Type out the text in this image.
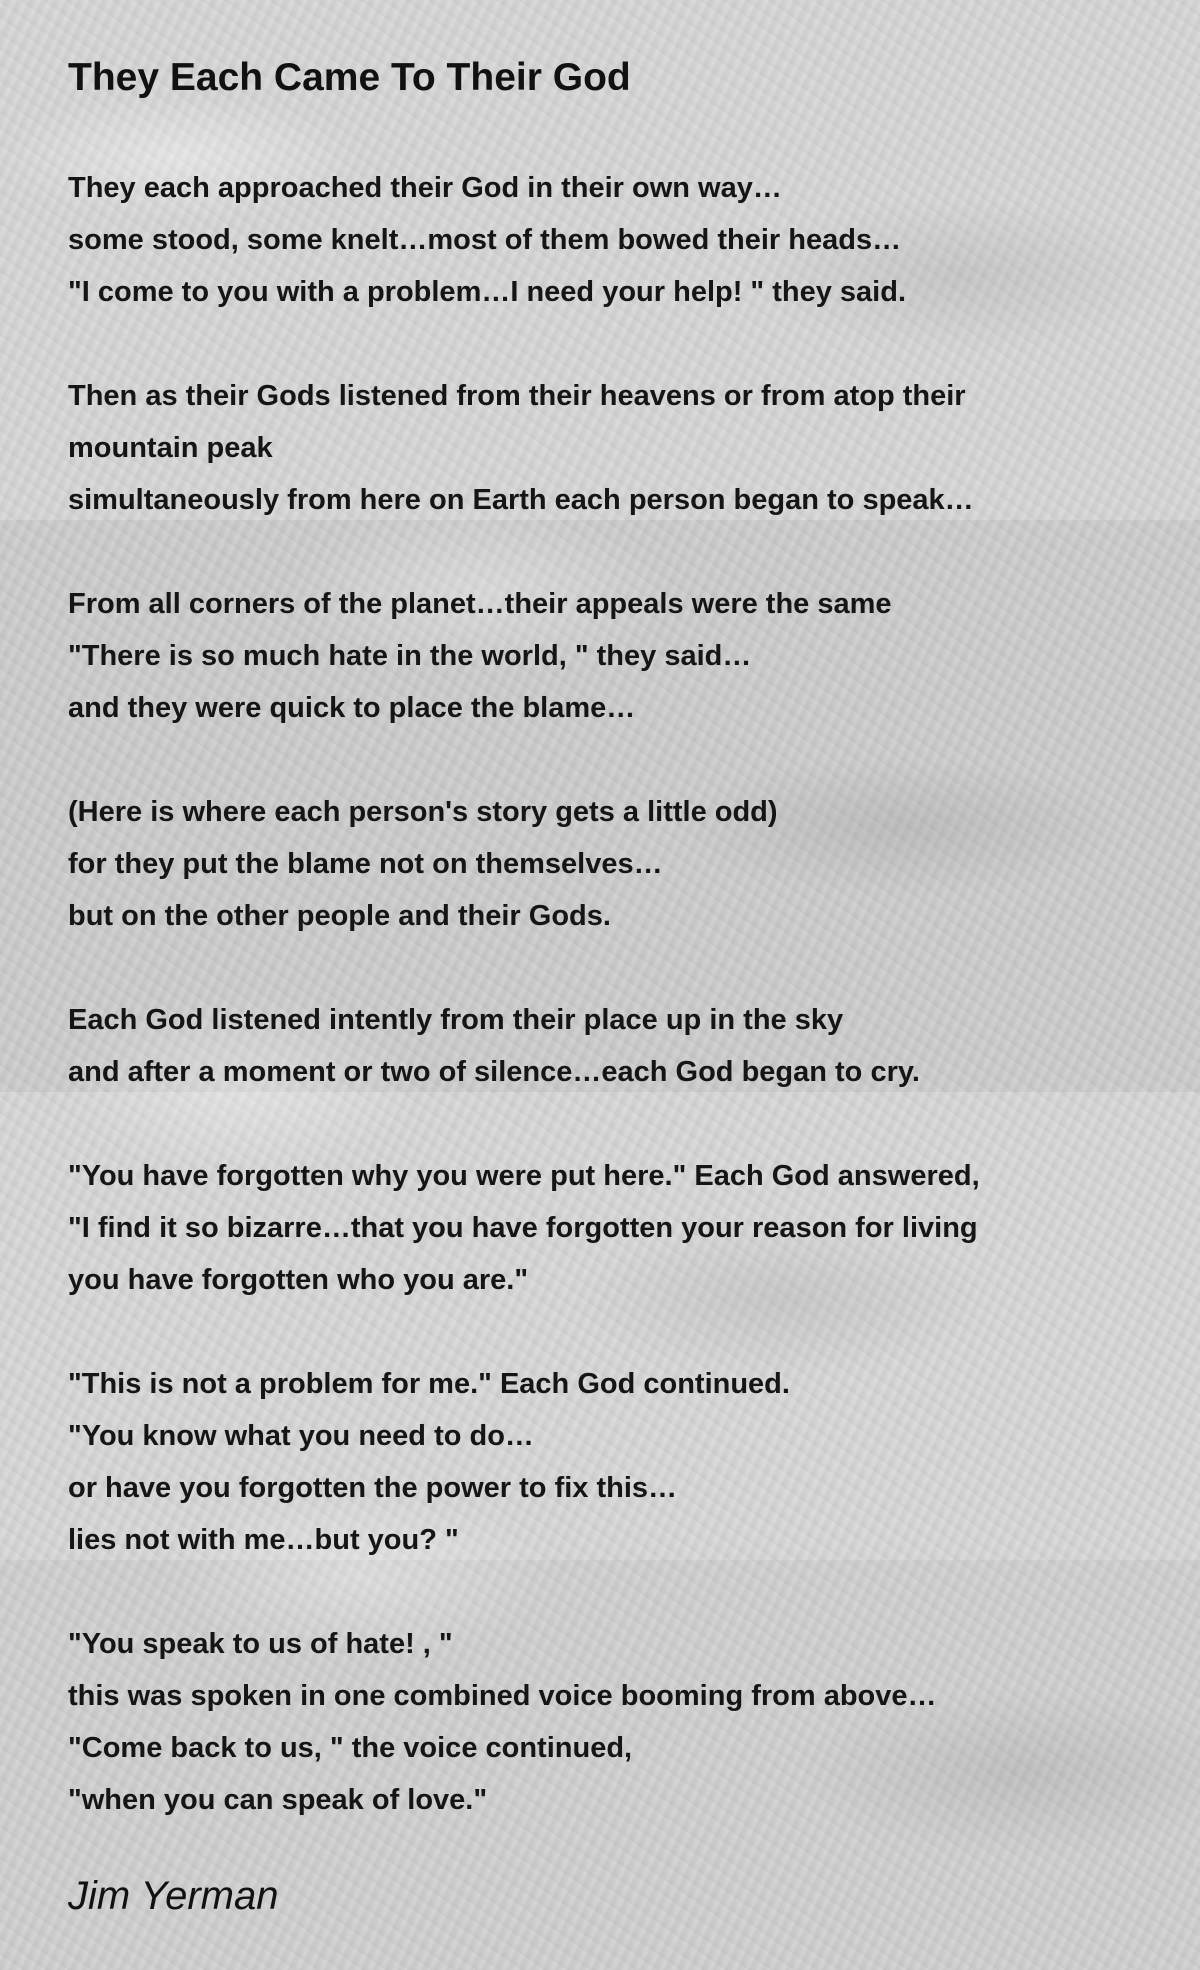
They Each Came To Their God

They each approached their God in their own way…
some stood, some knelt…most of them bowed their heads…
"I come to you with a problem…I need your help! " they said.

Then as their Gods listened from their heavens or from atop their
mountain peak
simultaneously from here on Earth each person began to speak…

From all corners of the planet…their appeals were the same
"There is so much hate in the world, " they said…
and they were quick to place the blame…

(Here is where each person's story gets a little odd)
for they put the blame not on themselves…
but on the other people and their Gods.

Each God listened intently from their place up in the sky
and after a moment or two of silence…each God began to cry.

"You have forgotten why you were put here." Each God answered,
"I find it so bizarre…that you have forgotten your reason for living
you have forgotten who you are."

"This is not a problem for me." Each God continued.
"You know what you need to do…
or have you forgotten the power to fix this…
lies not with me…but you? "

"You speak to us of hate! , "
this was spoken in one combined voice booming from above…
"Come back to us, " the voice continued,
"when you can speak of love."

Jim Yerman
